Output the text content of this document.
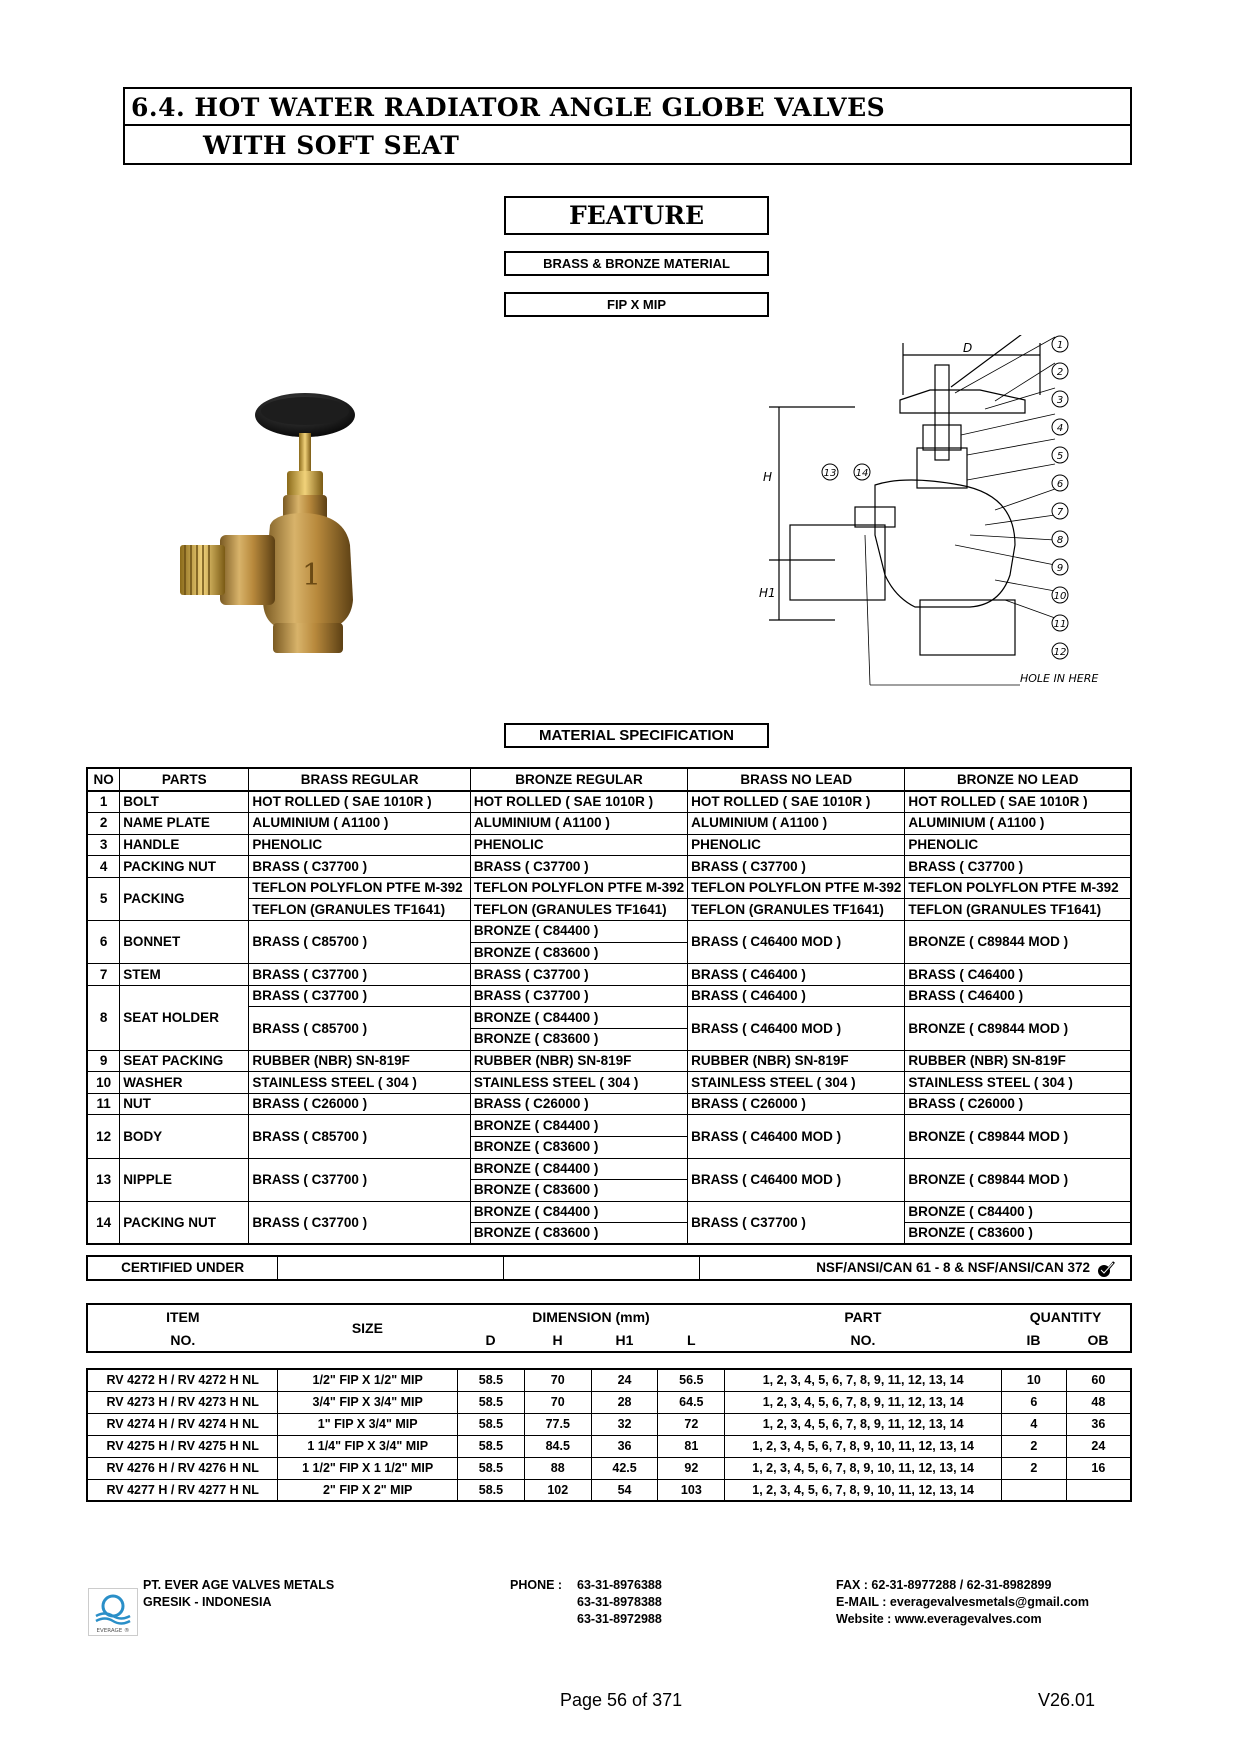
6.4. HOT WATER RADIATOR ANGLE GLOBE VALVES
WITH SOFT SEAT
FEATURE
BRASS & BRONZE MATERIAL
FIP X MIP
1
1
2
3
4
5
6
7
8
9
10
11
12
13 14
D
H
H1
HOLE IN HERE
MATERIAL SPECIFICATION
NO	PARTS	BRASS REGULAR	BRONZE REGULAR	BRASS NO LEAD	BRONZE NO LEAD
1	BOLT	HOT ROLLED ( SAE 1010R )	HOT ROLLED ( SAE 1010R )	HOT ROLLED ( SAE 1010R )	HOT ROLLED ( SAE 1010R )
2	NAME PLATE	ALUMINIUM ( A1100 )	ALUMINIUM ( A1100 )	ALUMINIUM ( A1100 )	ALUMINIUM ( A1100 )
3	HANDLE	PHENOLIC	PHENOLIC	PHENOLIC	PHENOLIC
4	PACKING NUT	BRASS ( C37700 )	BRASS ( C37700 )	BRASS ( C37700 )	BRASS ( C37700 )
5	PACKING	TEFLON POLYFLON PTFE M-392	TEFLON POLYFLON PTFE M-392	TEFLON POLYFLON PTFE M-392	TEFLON POLYFLON PTFE M-392
		TEFLON (GRANULES TF1641)	TEFLON (GRANULES TF1641)	TEFLON (GRANULES TF1641)	TEFLON (GRANULES TF1641)
6	BONNET	BRASS ( C85700 )	BRONZE ( C84400 )	BRASS ( C46400 MOD )	BRONZE ( C89844 MOD )
			BRONZE ( C83600 )		
7	STEM	BRASS ( C37700 )	BRASS ( C37700 )	BRASS ( C46400 )	BRASS ( C46400 )
8	SEAT HOLDER	BRASS ( C37700 )	BRASS ( C37700 )	BRASS ( C46400 )	BRASS ( C46400 )
		BRASS ( C85700 )	BRONZE ( C84400 )	BRASS ( C46400 MOD )	BRONZE ( C89844 MOD )
			BRONZE ( C83600 )		
9	SEAT PACKING	RUBBER (NBR) SN-819F	RUBBER (NBR) SN-819F	RUBBER (NBR) SN-819F	RUBBER (NBR) SN-819F
10	WASHER	STAINLESS STEEL ( 304 )	STAINLESS STEEL ( 304 )	STAINLESS STEEL ( 304 )	STAINLESS STEEL ( 304 )
11	NUT	BRASS ( C26000 )	BRASS ( C26000 )	BRASS ( C26000 )	BRASS ( C26000 )
12	BODY	BRASS ( C85700 )	BRONZE ( C84400 )	BRASS ( C46400 MOD )	BRONZE ( C89844 MOD )
			BRONZE ( C83600 )		
13	NIPPLE	BRASS ( C37700 )	BRONZE ( C84400 )	BRASS ( C46400 MOD )	BRONZE ( C89844 MOD )
			BRONZE ( C83600 )		
14	PACKING NUT	BRASS ( C37700 )	BRONZE ( C84400 )	BRASS ( C37700 )	BRONZE ( C84400 )
			BRONZE ( C83600 )		BRONZE ( C83600 )
CERTIFIED UNDER			NSF/ANSI/CAN 61 - 8 & NSF/ANSI/CAN 372
ITEM	SIZE	DIMENSION (mm)				PART	QUANTITY	
NO.		D	H	H1	L	NO.	IB	OB
RV 4272 H / RV 4272 H NL	1/2" FIP X 1/2" MIP	58.5	70	24	56.5	1, 2, 3, 4, 5, 6, 7, 8, 9, 11, 12, 13, 14	10	60
RV 4273 H / RV 4273 H NL	3/4" FIP X 3/4" MIP	58.5	70	28	64.5	1, 2, 3, 4, 5, 6, 7, 8, 9, 11, 12, 13, 14	6	48
RV 4274 H / RV 4274 H NL	1" FIP X 3/4" MIP	58.5	77.5	32	72	1, 2, 3, 4, 5, 6, 7, 8, 9, 11, 12, 13, 14	4	36
RV 4275 H / RV 4275 H NL	1 1/4" FIP X 3/4" MIP	58.5	84.5	36	81	1, 2, 3, 4, 5, 6, 7, 8, 9, 10, 11, 12, 13, 14	2	24
RV 4276 H / RV 4276 H NL	1 1/2" FIP X 1 1/2" MIP	58.5	88	42.5	92	1, 2, 3, 4, 5, 6, 7, 8, 9, 10, 11, 12, 13, 14	2	16
RV 4277 H / RV 4277 H NL	2" FIP X 2" MIP	58.5	102	54	103	1, 2, 3, 4, 5, 6, 7, 8, 9, 10, 11, 12, 13, 14		
EVERAGE ®
PT. EVER AGE VALVES METALS
GRESIK - INDONESIA
PHONE : 63-31-8976388
63-31-8978388
63-31-8972988
FAX : 62-31-8977288 / 62-31-8982899
E-MAIL : everagevalvesmetals@gmail.com
Website : www.everagevalves.com
Page 56 of 371	V26.01
